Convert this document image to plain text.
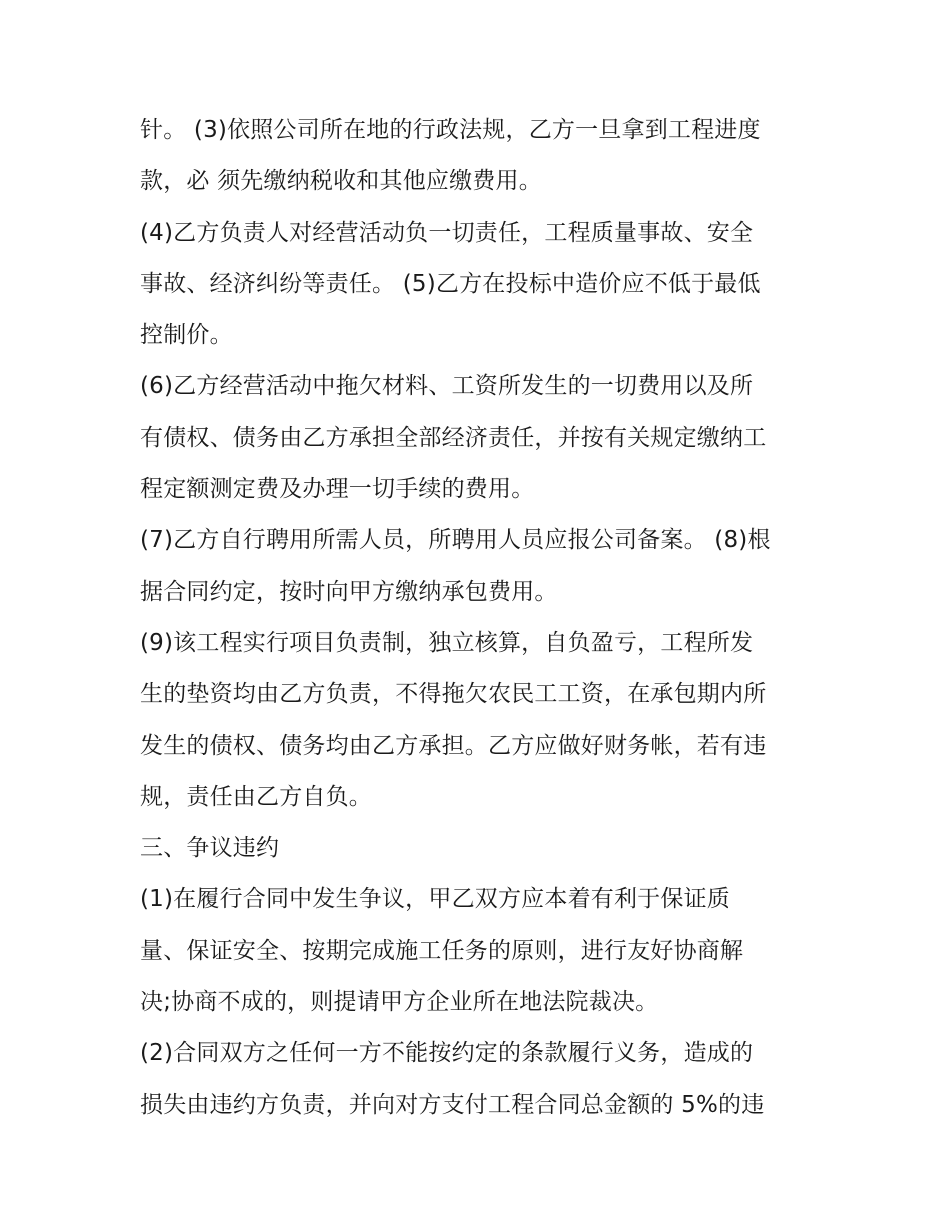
针。 (3)依照公司所在地的行政法规，乙方一旦拿到工程进度
款，必 须先缴纳税收和其他应缴费用。
(4)乙方负责人对经营活动负一切责任，工程质量事故、安全
事故、经济纠纷等责任。 (5)乙方在投标中造价应不低于最低
控制价。
(6)乙方经营活动中拖欠材料、工资所发生的一切费用以及所
有债权、债务由乙方承担全部经济责任，并按有关规定缴纳工
程定额测定费及办理一切手续的费用。
(7)乙方自行聘用所需人员，所聘用人员应报公司备案。 (8)根
据合同约定，按时向甲方缴纳承包费用。
(9)该工程实行项目负责制，独立核算，自负盈亏，工程所发
生的垫资均由乙方负责，不得拖欠农民工工资，在承包期内所
发生的债权、债务均由乙方承担。乙方应做好财务帐，若有违
规，责任由乙方自负。
三、争议违约
(1)在履行合同中发生争议，甲乙双方应本着有利于保证质
量、保证安全、按期完成施工任务的原则，进行友好协商解
决;协商不成的，则提请甲方企业所在地法院裁决。
(2)合同双方之任何一方不能按约定的条款履行义务，造成的
损失由违约方负责，并向对方支付工程合同总金额的 5%的违
